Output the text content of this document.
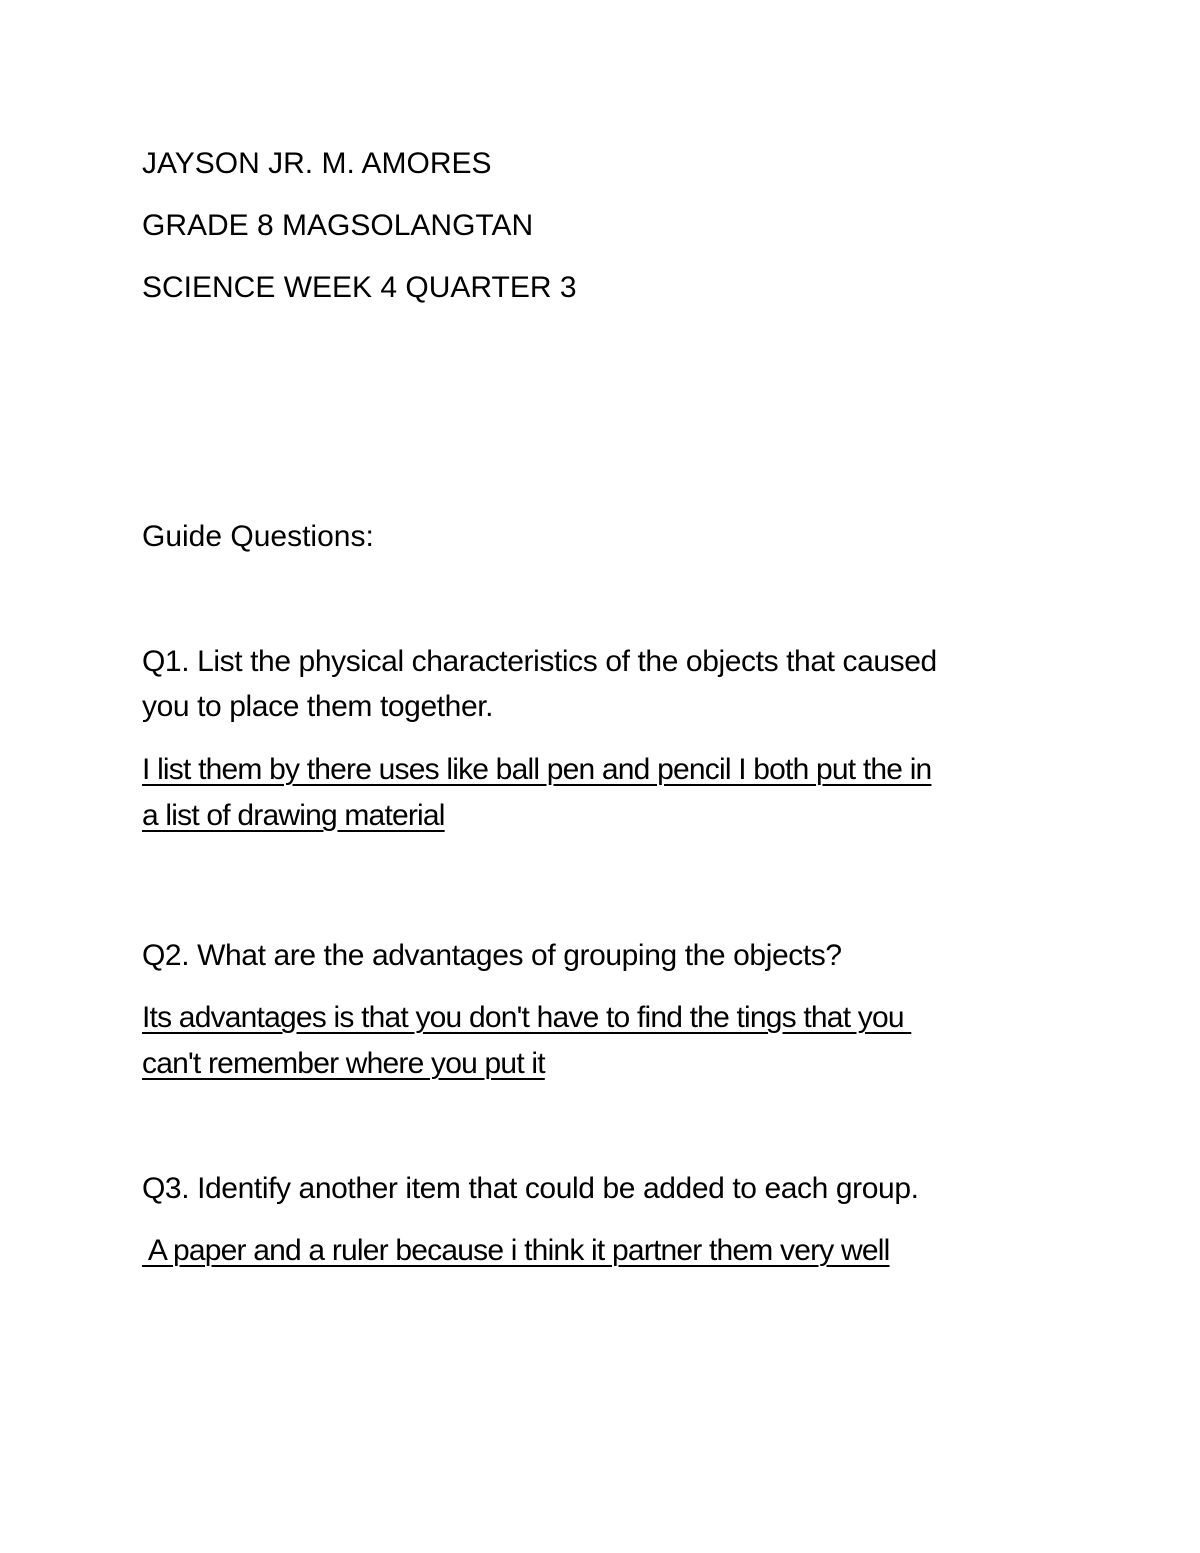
JAYSON JR. M. AMORES

GRADE 8 MAGSOLANGTAN

SCIENCE WEEK 4 QUARTER 3

Guide Questions:

Q1. List the physical characteristics of the objects that caused

you to place them together.

I list them by there uses like ball pen and pencil I both put the in

a list of drawing material

Q2. What are the advantages of grouping the objects?

Its advantages is that you don't have to find the tings that you

can't remember where you put it

Q3. Identify another item that could be added to each group.

A paper and a ruler because i think it partner them very well
